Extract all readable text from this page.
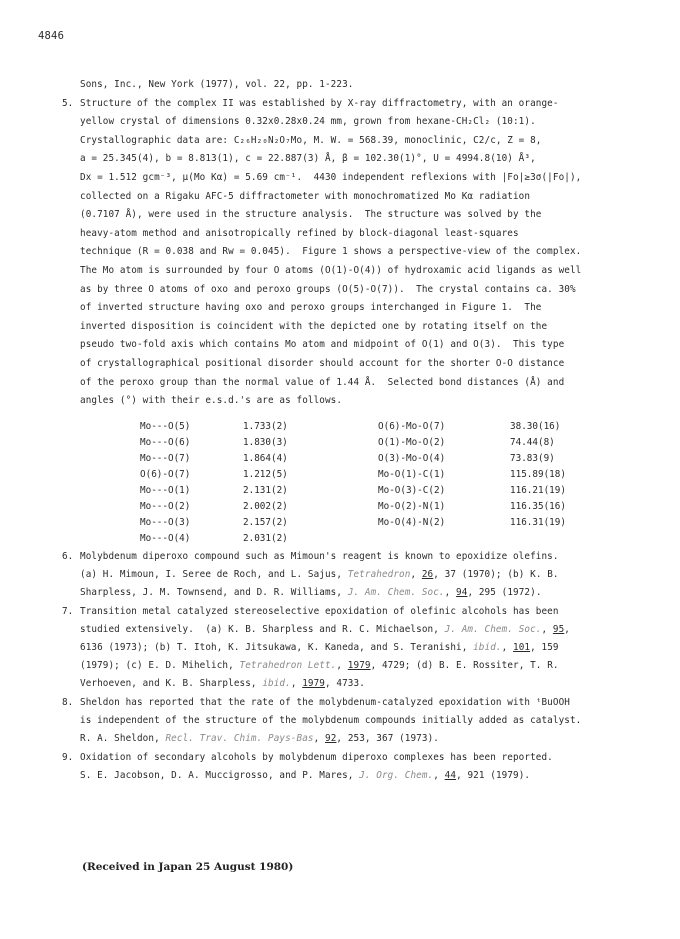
4846
Sons, Inc., New York (1977), vol. 22, pp. 1-223.
5. Structure of the complex II was established by X-ray diffractometry, with an orange-
yellow crystal of dimensions 0.32x0.28x0.24 mm, grown from hexane-CH₂Cl₂ (10:1).
Crystallographic data are: C₂₆H₂₀N₂O₇Mo, M. W. = 568.39, monoclinic, C2/c, Z = 8,
a = 25.345(4), b = 8.813(1), c = 22.887(3) Å, β = 102.30(1)°, U = 4994.8(10) Å³,
Dx = 1.512 gcm⁻³, μ(Mo Kα) = 5.69 cm⁻¹.  4430 independent reflexions with |Fo|≥3σ(|Fo|),
collected on a Rigaku AFC-5 diffractometer with monochromatized Mo Kα radiation
(0.7107 Å), were used in the structure analysis.  The structure was solved by the
heavy-atom method and anisotropically refined by block-diagonal least-squares
technique (R = 0.038 and Rw = 0.045).  Figure 1 shows a perspective-view of the complex.
The Mo atom is surrounded by four O atoms (O(1)-O(4)) of hydroxamic acid ligands as well
as by three O atoms of oxo and peroxo groups (O(5)-O(7)).  The crystal contains ca. 30%
of inverted structure having oxo and peroxo groups interchanged in Figure 1.  The
inverted disposition is coincident with the depicted one by rotating itself on the
pseudo two-fold axis which contains Mo atom and midpoint of O(1) and O(3).  This type
of crystallographical positional disorder should account for the shorter O-O distance
of the peroxo group than the normal value of 1.44 Å.  Selected bond distances (Å) and
angles (°) with their e.s.d.'s are as follows.
Mo---O(5)	1.733(2)	O(6)-Mo-O(7)	38.30(16)
Mo---O(6)	1.830(3)	O(1)-Mo-O(2)	74.44(8)
Mo---O(7)	1.864(4)	O(3)-Mo-O(4)	73.83(9)
O(6)-O(7)	1.212(5)	Mo-O(1)-C(1)	115.89(18)
Mo---O(1)	2.131(2)	Mo-O(3)-C(2)	116.21(19)
Mo---O(2)	2.002(2)	Mo-O(2)-N(1)	116.35(16)
Mo---O(3)	2.157(2)	Mo-O(4)-N(2)	116.31(19)
Mo---O(4)	2.031(2)
6. Molybdenum diperoxo compound such as Mimoun's reagent is known to epoxidize olefins.
(a) H. Mimoun, I. Seree de Roch, and L. Sajus, Tetrahedron, 26, 37 (1970); (b) K. B.
Sharpless, J. M. Townsend, and D. R. Williams, J. Am. Chem. Soc., 94, 295 (1972).
7. Transition metal catalyzed stereoselective epoxidation of olefinic alcohols has been
studied extensively.  (a) K. B. Sharpless and R. C. Michaelson, J. Am. Chem. Soc., 95,
6136 (1973); (b) T. Itoh, K. Jitsukawa, K. Kaneda, and S. Teranishi, ibid., 101, 159
(1979); (c) E. D. Mihelich, Tetrahedron Lett., 1979, 4729; (d) B. E. Rossiter, T. R.
Verhoeven, and K. B. Sharpless, ibid., 1979, 4733.
8. Sheldon has reported that the rate of the molybdenum-catalyzed epoxidation with ᵗBuOOH
is independent of the structure of the molybdenum compounds initially added as catalyst.
R. A. Sheldon, Recl. Trav. Chim. Pays-Bas, 92, 253, 367 (1973).
9. Oxidation of secondary alcohols by molybdenum diperoxo complexes has been reported.
S. E. Jacobson, D. A. Muccigrosso, and P. Mares, J. Org. Chem., 44, 921 (1979).
(Received in Japan 25 August 1980)
